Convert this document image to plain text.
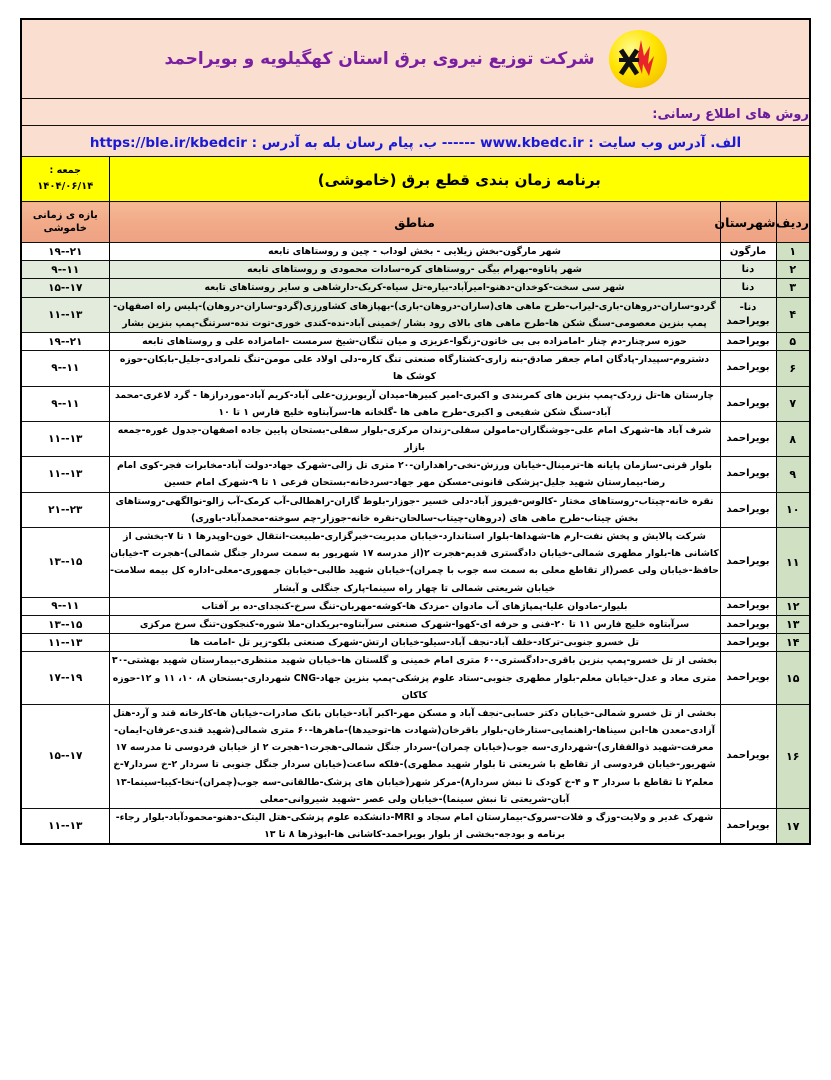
شرکت توزیع نیروی برق استان کهگیلویه و بویراحمد			

روش های اطلاع رسانی:			
الف. آدرس وب سایت : www.kbedc.ir ------ ب. پیام رسان بله به آدرس : https://ble.ir/kbedcir			
برنامه زمان بندی قطع برق (خاموشی)			جمعه :
۱۴۰۴/۰۶/۱۴

ردیف	شهرستان	مناطق	بازه ی زمانی
خاموشی

۱	مارگون	شهر مارگون-بخش زیلایی - بخش لوداب - چین و روستاهای تابعه	۲۱--۱۹
۲	دنا	شهر پاتاوه-بهرام بیگی -روستاهای کره-سادات محمودی و روستاهای تابعه	۱۱--۹
۳	دنا	شهر سی سخت-کوخدان-دهنو-امیرآباد-بیاره-تل سیاه-کریک-دارشاهی و سایر روستاهای تابعه	۱۷--۱۵
۴	دنا- بویراحمد	گردو-ساران-دروهان-باری-لیراب-طرح ماهی های(ساران-دروهان-باری)-بهپازهای کشاورزی(گردو-ساران-دروهان)-پلیس راه اصفهان-پمپ بنزین معصومی-سنگ شکن ها-طرح ماهی های بالای رود بشار /خمینی آباد-نده-کندی خوری-توت نده-سرتنگ-پمپ بنزین بشار	۱۳--۱۱
۵	بویراحمد	حوزه سرچنار-دم چنار -امامزاده بی بی خاتون-زنگوا-عزیزی و میان تنگان-شیخ سرمست -امامزاده علی و روستاهای تابعه	۲۱--۱۹
۶	بویراحمد	دشتروم-سپیدار-پادگان امام جعفر صادق-بنه زاری-کشتارگاه صنعتی تنگ کاره-دلی اولاد علی مومن-تنگ تلمرادی-جلیل-بابکان-حوزه کوشک ها	۱۱--۹
۷	بویراحمد	چارستان ها-تل زردک-پمپ بنزین های کمربندی و اکبری-امیر کبیرها-میدان آریوبرزن-علی آباد-کریم آباد-موردرازها - گرد لاغری-محمد آباد-سنگ شکن شفیعی و اکبری-طرح ماهی ها -گلخانه ها-سرآبتاوه خلیج فارس ۱ تا ۱۰	۱۱--۹
۸	بویراحمد	شرف آباد ها-شهرک امام علی-جوشنگاران-مامولن سفلی-زندان مرکزی-بلوار سفلی-بستحان پایین جاده اصفهان-جدول غوره-جمعه بازار	۱۳--۱۱
۹	بویراحمد	بلوار قرنی-سازمان پایانه ها-ترمینال-خیابان ورزش-نخی-راهداران-۲۰ متری تل زالی-شهرک جهاد-دولت آباد-مخابرات فجر-کوی امام رضا-بیمارستان شهید جلیل-پزشکی قانونی-مسکن مهر جهاد-سردخانه-بستحان فرعی ۱ تا ۹-شهرک امام حسین	۱۳--۱۱
۱۰	بویراحمد	نقره خانه-چیتاب-روستاهای مختار -کالوس-فیروز آباد-دلی خسیر -جوزار-بلوط گاران-راهطالی-آب کرمک-آب زالو-نوالگهی-روستاهای بخش چیتاب-طرح ماهی های (دروهان-چیتاب-سالحان-نقره خانه-جوزار-چم سوخته-محمدآباد-باوری)	۲۳--۲۱
۱۱	بویراحمد	شرکت پالایش و پخش نفت-ارم ها-شهداها-بلوار استاندارد-خیابان مدیریت-خبرگزاری-طبیعت-انتقال خون-اوپدرها ۱ تا ۷-بخشی از کاشانی ها-بلوار مطهری شمالی-خیابان دادگستری قدیم-هجرت ۲(از مدرسه ۱۷ شهریور به سمت سردار جنگل شمالی)-هجرت ۳-خیابان حافظ-خیابان ولی عصر(از تقاطع معلی به سمت سه جوب با چمران)-خیابان شهید طالبی-خیابان جمهوری-معلی-اداره کل بیمه سلامت-خیابان شریعتی شمالی تا چهار راه سینما-پارک جنگلی و آبشار	۱۵--۱۳
۱۲	بویراحمد	بلیوار-مادوان علیا-پمپاژهای آب مادوان -مزدک ها-کوشه-مهربان-تنگ سرخ-کنجدای-ده بر آفتاب	۱۱--۹
۱۳	بویراحمد	سرآبتاوه خلیج فارس ۱۱ تا ۲۰-فنی و حرفه ای-کهوا-شهرک صنعتی سرآبتاوه-بریکدان-ملا شوره-کنجکون-تنگ سرخ مرکزی	۱۵--۱۳
۱۴	بویراحمد	تل خسرو جنوبی-ترکاد-خلف آباد-نجف آباد-سیلو-خیابان ارتش-شهرک صنعتی بلکو-زیر تل -امامت ها	۱۳--۱۱
۱۵	بویراحمد	بخشی از تل خسرو-پمپ بنزین باقری-دادگستری-۶۰ متری امام خمینی و گلستان ها-خیابان شهید منتظری-بیمارستان شهید بهشتی-۳۰ متری معاد و عدل-خیابان معلم-بلوار مطهری جنوبی-ستاد علوم پزشکی-پمپ بنزین جهاد-CNG شهرداری-بستحان ۸، ۱۰، ۱۱ و ۱۲-حوزه کاکان	۱۹--۱۷
۱۶	بویراحمد	بخشی از تل خسرو شمالی-خیابان دکتر حسابی-نجف آباد و مسکن مهر-اکبر آباد-خیابان بانک صادرات-خیابان ها-کارخانه قند و آرد-هتل آزادی-معدن ها-ابن سیناها-راهنمایی-ستارخان-بلوار باقرخان(شهادت ها-توحیدها)-ماهرها-۶۰ متری شمالی(شهید قندی-عرفان-ایمان-معرفت-شهید ذوالفقاری)-شهرداری-سه جوب(خیابان چمران)-سردار جنگل شمالی-هجرت۱-هجرت ۲ از خیابان فردوسی تا مدرسه ۱۷ شهریور-خیابان فردوسی از تقاطع با شریعتی تا بلوار شهید مطهری)-فلکه ساعت(خیابان سردار جنگل جنوبی تا سردار ۲-خ سردار۷-خ معلم۲ تا تقاطع با سردار ۳ و ۴-خ کودک تا نبش سردار۸)-مرکز شهر(خیابان های پزشک-طالقانی-سه جوب(چمران)-نخا-کیبا-سینما-۱۳ آبان-شریعتی تا نبش سینما)-خیابان ولی عصر -شهید شیروانی-معلی	۱۷--۱۵
۱۷	بویراحمد	شهرک غدیر و ولایت-وزگ و فلات-سروک-بیمارستان امام سجاد و MRI-دانشکده علوم پزشکی-هتل الیتک-دهنو-محمودآباد-بلوار رجاء- برنامه و بودجه-بخشی از بلوار بویراحمد-کاشانی ها-ابوذرها ۸ تا ۱۳	۱۳--۱۱
